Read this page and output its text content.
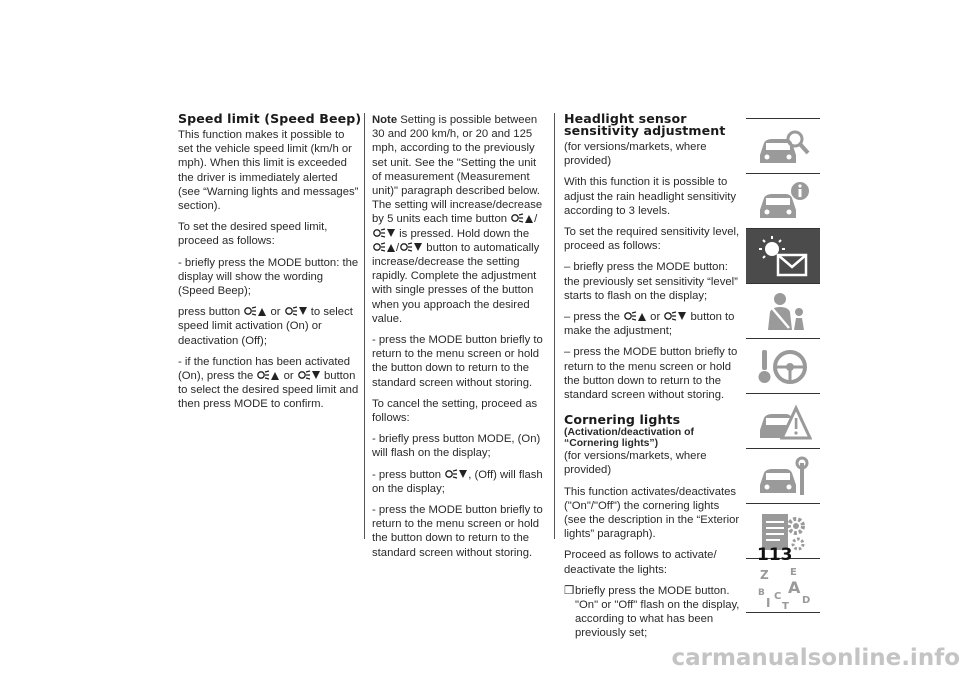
Speed limit (Speed Beep)

This function makes it possible to set the vehicle speed limit (km/h or mph). When this limit is exceeded the driver is immediately alerted (see “Warning lights and messages” section).

To set the desired speed limit, proceed as follows:

- briefly press the MODE button: the display will show the wording (Speed Beep);

press button	or	to select speed limit activation (On) or deactivation (Off);

- if the function has been activated (On), press the	or	button to select the desired speed limit and then press MODE to confirm.

Note Setting is possible between 30 and 200 km/h, or 20 and 125 mph, according to the previously set unit. See the "Setting the unit of measurement (Measurement unit)" paragraph described below. The setting will increase/decrease by 5 units each time button /
is pressed. Hold down the
/ button to automatically increase/decrease the setting rapidly. Complete the adjustment with single presses of the button when you approach the desired value.

- press the MODE button briefly to return to the menu screen or hold the button down to return to the standard screen without storing.

To cancel the setting, proceed as follows:

- briefly press button MODE, (On) will flash on the display;

- press button , (Off) will flash on the display;

- press the MODE button briefly to return to the menu screen or hold the button down to return to the standard screen without storing.

Headlight sensor sensitivity adjustment

(for versions/markets, where provided)

With this function it is possible to adjust the rain headlight sensitivity according to 3 levels.

To set the required sensitivity level, proceed as follows:

– briefly press the MODE button: the previously set sensitivity “level” starts to flash on the display;

– press the	or	button to make the adjustment;

– press the MODE button briefly to return to the menu screen or hold the button down to return to the standard screen without storing.

Cornering lights
(Activation/deactivation of “Cornering lights”)

(for versions/markets, where provided)

This function activates/deactivates ("On"/"Off") the cornering lights (see the description in the “Exterior lights” paragraph).

Proceed as follows to activate/ deactivate the lights:

❒ briefly press the MODE button. "On" or "Off" flash on the display, according to what has been previously set;
Z E
B A
C D
I T
113
carmanualsonline.info
